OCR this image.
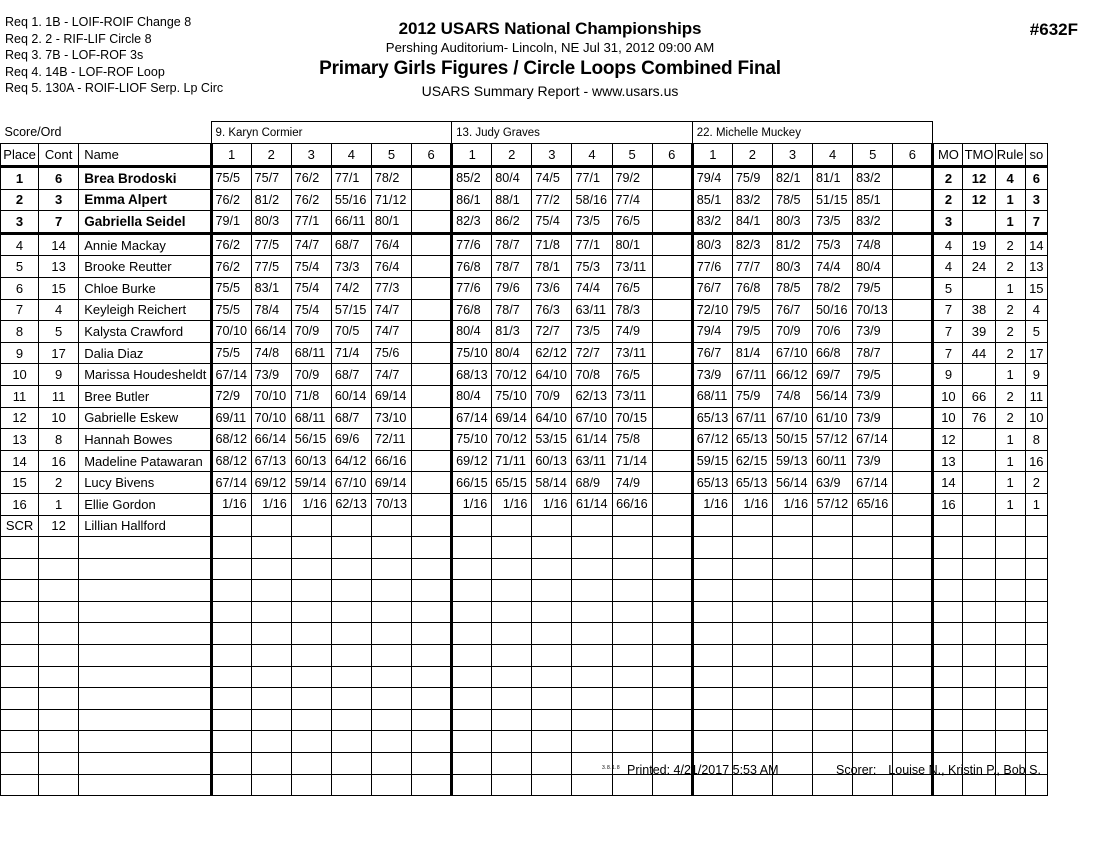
Req 1. 1B - LOIF-ROIF Change 8
Req 2. 2 - RIF-LIF Circle 8
Req 3. 7B - LOF-ROF 3s
Req 4. 14B - LOF-ROF Loop
Req 5. 130A - ROIF-LIOF Serp. Lp Circ
2012 USARS National Championships
Pershing Auditorium- Lincoln, NE Jul 31, 2012 09:00 AM
Primary Girls Figures / Circle Loops Combined Final
USARS Summary Report - www.usars.us
#632F
Score/Ord			9. Karyn Cormier						13. Judy Graves						22. Michelle Muckey									
Place	Cont	Name	1	2	3	4	5	6	1	2	3	4	5	6	1	2	3	4	5	6	MO	TMO	Rule	so
1	6	Brea Brodoski	75/5	75/7	76/2	77/1	78/2		85/2	80/4	74/5	77/1	79/2		79/4	75/9	82/1	81/1	83/2		2	12	4	6
2	3	Emma Alpert	76/2	81/2	76/2	55/16	71/12		86/1	88/1	77/2	58/16	77/4		85/1	83/2	78/5	51/15	85/1		2	12	1	3
3	7	Gabriella Seidel	79/1	80/3	77/1	66/11	80/1		82/3	86/2	75/4	73/5	76/5		83/2	84/1	80/3	73/5	83/2		3		1	7
4	14	Annie Mackay	76/2	77/5	74/7	68/7	76/4		77/6	78/7	71/8	77/1	80/1		80/3	82/3	81/2	75/3	74/8		4	19	2	14
5	13	Brooke Reutter	76/2	77/5	75/4	73/3	76/4		76/8	78/7	78/1	75/3	73/11		77/6	77/7	80/3	74/4	80/4		4	24	2	13
6	15	Chloe Burke	75/5	83/1	75/4	74/2	77/3		77/6	79/6	73/6	74/4	76/5		76/7	76/8	78/5	78/2	79/5		5		1	15
7	4	Keyleigh Reichert	75/5	78/4	75/4	57/15	74/7		76/8	78/7	76/3	63/11	78/3		72/10	79/5	76/7	50/16	70/13		7	38	2	4
8	5	Kalysta Crawford	70/10	66/14	70/9	70/5	74/7		80/4	81/3	72/7	73/5	74/9		79/4	79/5	70/9	70/6	73/9		7	39	2	5
9	17	Dalia Diaz	75/5	74/8	68/11	71/4	75/6		75/10	80/4	62/12	72/7	73/11		76/7	81/4	67/10	66/8	78/7		7	44	2	17
10	9	Marissa Houdesheldt	67/14	73/9	70/9	68/7	74/7		68/13	70/12	64/10	70/8	76/5		73/9	67/11	66/12	69/7	79/5		9		1	9
11	11	Bree Butler	72/9	70/10	71/8	60/14	69/14		80/4	75/10	70/9	62/13	73/11		68/11	75/9	74/8	56/14	73/9		10	66	2	11
12	10	Gabrielle Eskew	69/11	70/10	68/11	68/7	73/10		67/14	69/14	64/10	67/10	70/15		65/13	67/11	67/10	61/10	73/9		10	76	2	10
13	8	Hannah Bowes	68/12	66/14	56/15	69/6	72/11		75/10	70/12	53/15	61/14	75/8		67/12	65/13	50/15	57/12	67/14		12		1	8
14	16	Madeline Patawaran	68/12	67/13	60/13	64/12	66/16		69/12	71/11	60/13	63/11	71/14		59/15	62/15	59/13	60/11	73/9		13		1	16
15	2	Lucy Bivens	67/14	69/12	59/14	67/10	69/14		66/15	65/15	58/14	68/9	74/9		65/13	65/13	56/14	63/9	67/14		14		1	2
16	1	Ellie Gordon	1/16	1/16	1/16	62/13	70/13		1/16	1/16	1/16	61/14	66/16		1/16	1/16	1/16	57/12	65/16		16		1	1
SCR	12	Lillian Hallford																						

3.8.1.8 Printed: 4/21/2017 5:53 AM	Scorer: Louise N., Kristin P., Bob S.
